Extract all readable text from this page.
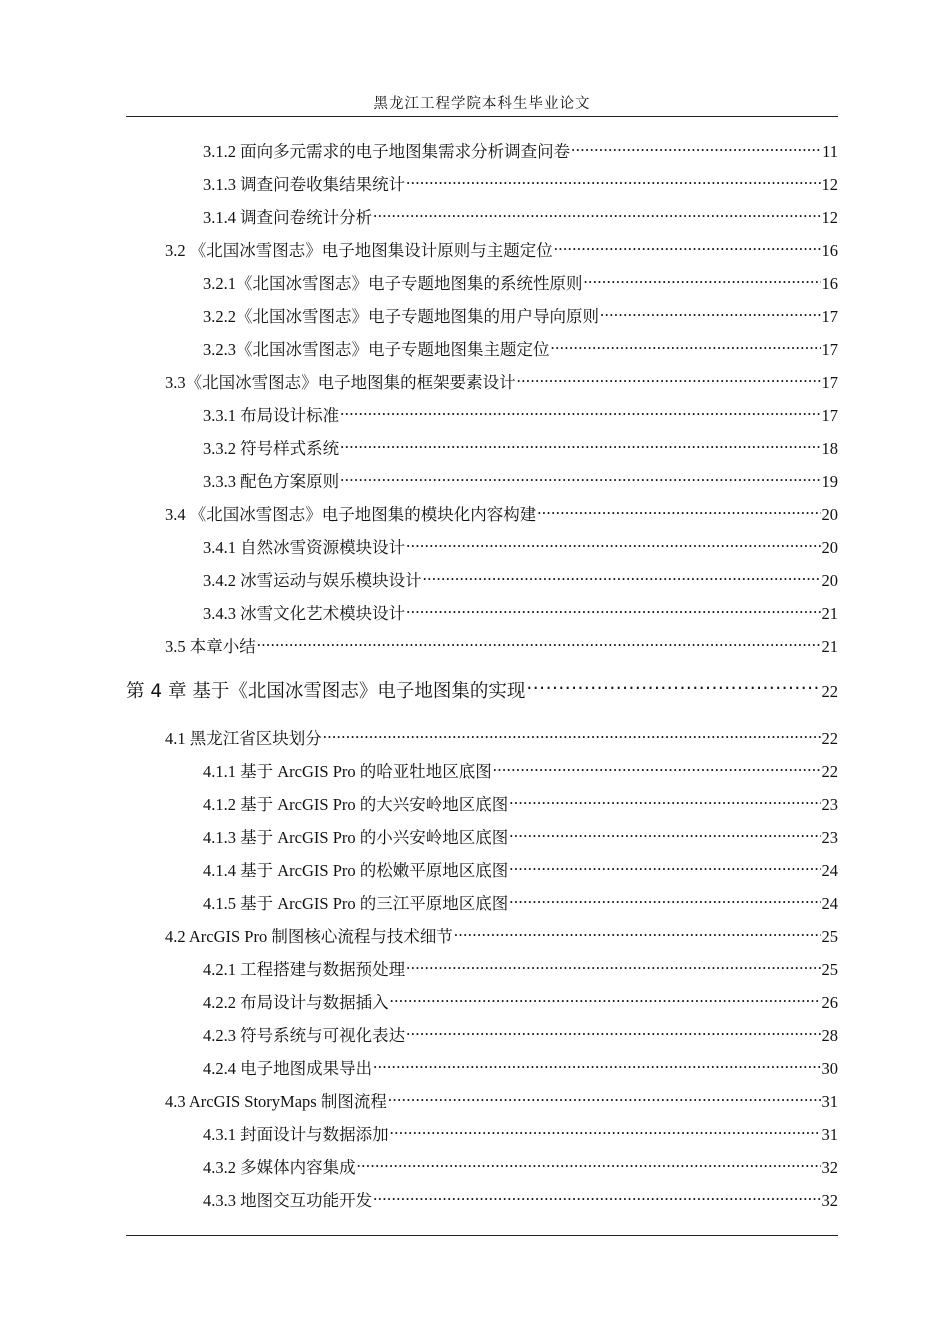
黑龙江工程学院本科生毕业论文
3.1.2 面向多元需求的电子地图集需求分析调查问卷 .....	11
3.1.3 调查问卷收集结果统计 .....	12
3.1.4 调查问卷统计分析 .....	12
3.2 《北国冰雪图志》电子地图集设计原则与主题定位 .....	16
3.2.1《北国冰雪图志》电子专题地图集的系统性原则 .....	16
3.2.2《北国冰雪图志》电子专题地图集的用户导向原则 .....	17
3.2.3《北国冰雪图志》电子专题地图集主题定位 .....	17
3.3《北国冰雪图志》电子地图集的框架要素设计 .....	17
3.3.1 布局设计标准 .....	17
3.3.2 符号样式系统 .....	18
3.3.3 配色方案原则 .....	19
3.4 《北国冰雪图志》电子地图集的模块化内容构建 .....	20
3.4.1 自然冰雪资源模块设计 .....	20
3.4.2 冰雪运动与娱乐模块设计 .....	20
3.4.3 冰雪文化艺术模块设计 .....	21
3.5 本章小结 .....	21
第 4 章 基于《北国冰雪图志》电子地图集的实现 .....	22
4.1 黑龙江省区块划分 .....	22
4.1.1 基于 ArcGIS Pro 的哈亚牡地区底图 .....	22
4.1.2 基于 ArcGIS Pro 的大兴安岭地区底图 .....	23
4.1.3 基于 ArcGIS Pro 的小兴安岭地区底图 .....	23
4.1.4 基于 ArcGIS Pro 的松嫩平原地区底图 .....	24
4.1.5 基于 ArcGIS Pro 的三江平原地区底图 .....	24
4.2 ArcGIS Pro 制图核心流程与技术细节 .....	25
4.2.1 工程搭建与数据预处理 .....	25
4.2.2 布局设计与数据插入 .....	26
4.2.3 符号系统与可视化表达 .....	28
4.2.4 电子地图成果导出 .....	30
4.3 ArcGIS StoryMaps 制图流程 .....	31
4.3.1 封面设计与数据添加 .....	31
4.3.2 多媒体内容集成 .....	32
4.3.3 地图交互功能开发 .....	32
